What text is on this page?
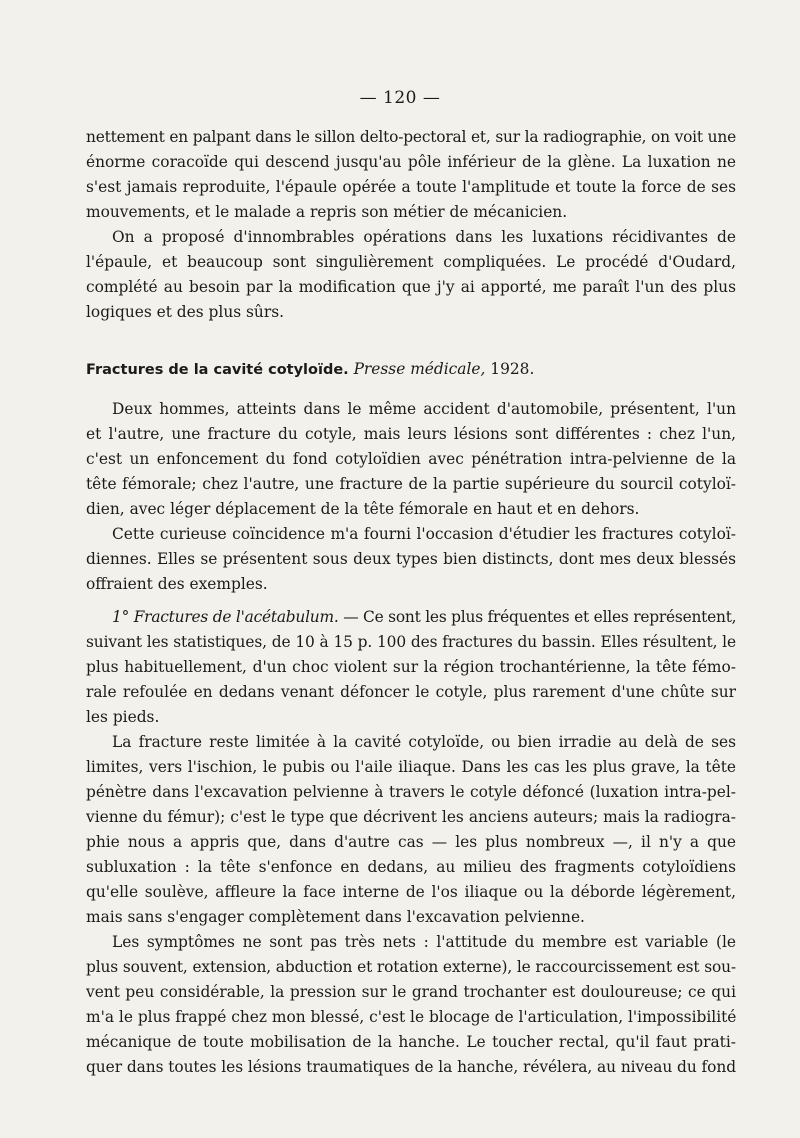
— 120 —
nettement en palpant dans le sillon delto-pectoral et, sur la radiographie, on voit une
énorme coracoïde qui descend jusqu'au pôle inférieur de la glène. La luxation ne
s'est jamais reproduite, l'épaule opérée a toute l'amplitude et toute la force de ses
mouvements, et le malade a repris son métier de mécanicien.
On a proposé d'innombrables opérations dans les luxations récidivantes de
l'épaule, et beaucoup sont singulièrement compliquées. Le procédé d'Oudard,
complété au besoin par la modification que j'y ai apporté, me paraît l'un des plus
logiques et des plus sûrs.
Fractures de la cavité cotyloïde. Presse médicale, 1928.
Deux hommes, atteints dans le même accident d'automobile, présentent, l'un
et l'autre, une fracture du cotyle, mais leurs lésions sont différentes : chez l'un,
c'est un enfoncement du fond cotyloïdien avec pénétration intra-pelvienne de la
tête fémorale; chez l'autre, une fracture de la partie supérieure du sourcil cotyloï-
dien, avec léger déplacement de la tête fémorale en haut et en dehors.
Cette curieuse coïncidence m'a fourni l'occasion d'étudier les fractures cotyloï-
diennes. Elles se présentent sous deux types bien distincts, dont mes deux blessés
offraient des exemples.
1° Fractures de l'acétabulum. — Ce sont les plus fréquentes et elles représentent,
suivant les statistiques, de 10 à 15 p. 100 des fractures du bassin. Elles résultent, le
plus habituellement, d'un choc violent sur la région trochantérienne, la tête fémo-
rale refoulée en dedans venant défoncer le cotyle, plus rarement d'une chûte sur
les pieds.
La fracture reste limitée à la cavité cotyloïde, ou bien irradie au delà de ses
limites, vers l'ischion, le pubis ou l'aile iliaque. Dans les cas les plus grave, la tête
pénètre dans l'excavation pelvienne à travers le cotyle défoncé (luxation intra-pel-
vienne du fémur); c'est le type que décrivent les anciens auteurs; mais la radiogra-
phie nous a appris que, dans d'autre cas — les plus nombreux —, il n'y a que
subluxation : la tête s'enfonce en dedans, au milieu des fragments cotyloïdiens
qu'elle soulève, affleure la face interne de l'os iliaque ou la déborde légèrement,
mais sans s'engager complètement dans l'excavation pelvienne.
Les symptômes ne sont pas très nets : l'attitude du membre est variable (le
plus souvent, extension, abduction et rotation externe), le raccourcissement est sou-
vent peu considérable, la pression sur le grand trochanter est douloureuse; ce qui
m'a le plus frappé chez mon blessé, c'est le blocage de l'articulation, l'impossibilité
mécanique de toute mobilisation de la hanche. Le toucher rectal, qu'il faut prati-
quer dans toutes les lésions traumatiques de la hanche, révélera, au niveau du fond
